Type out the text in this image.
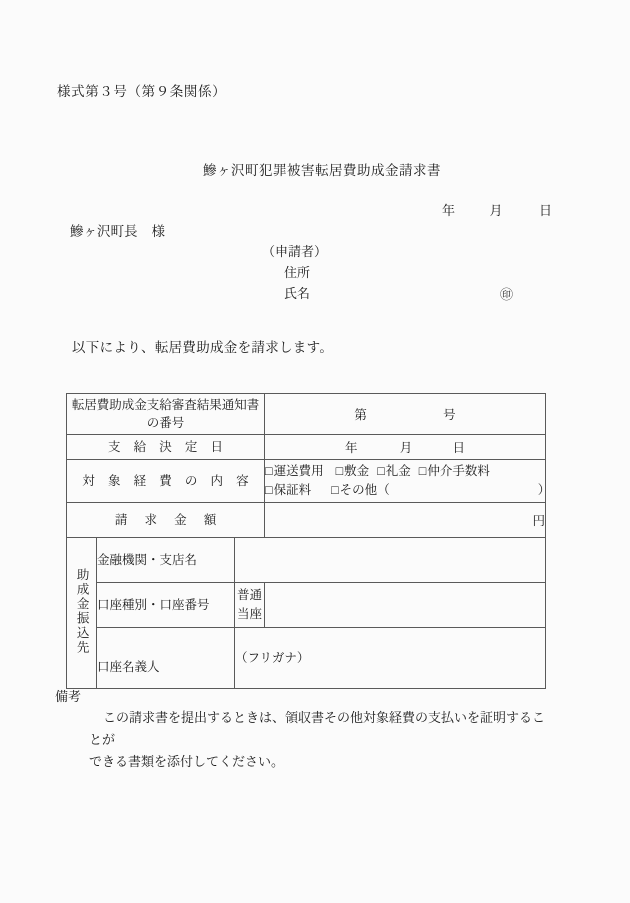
様式第３号（第９条関係）
鰺ヶ沢町犯罪被害転居費助成金請求書
年	月	日
鰺ヶ沢町長 様
（申請者）
住所
氏名	㊞
以下により、転居費助成金を請求します。
転居費助成金支給審査結果通知書
の番号			第 号
支 給 決 定 日			年 月 日
対 象 経 費 の 内 容			□運送費用 □敷金 □礼金 □仲介手数料
□保証料 □その他（ ）

請 求 金 額			円
助成金振込先	金融機関・支店名		
	口座種別・口座番号	普通
当座	

	口座名義人	（フリガナ）	
備考
この請求書を提出するときは、領収書その他対象経費の支払いを証明することが
できる書類を添付してください。
